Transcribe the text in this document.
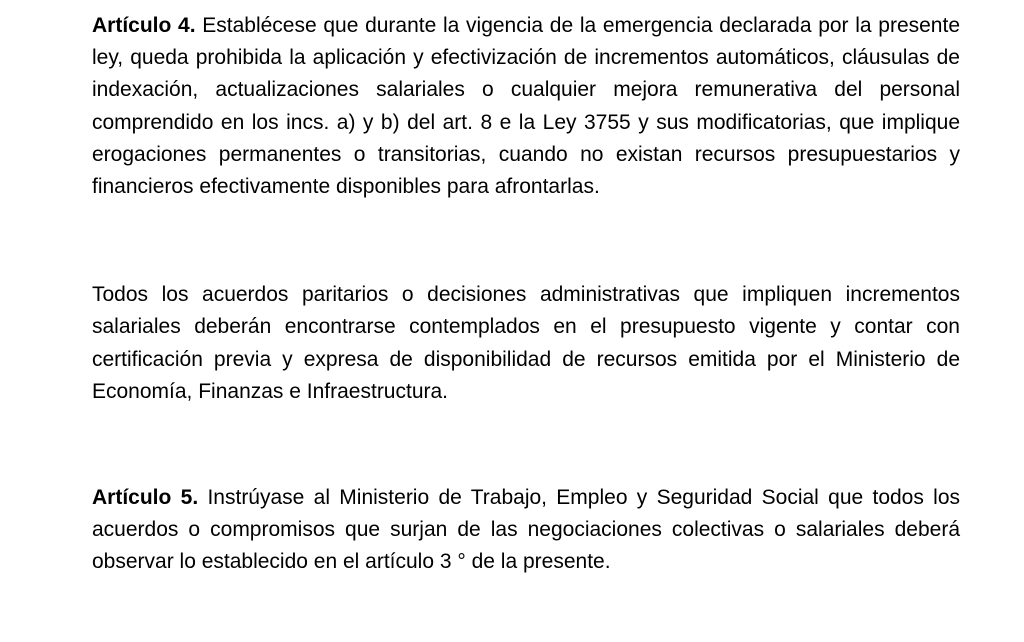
Artículo 4. Establécese que durante la vigencia de la emergencia declarada por la presente ley, queda prohibida la aplicación y efectivización de incrementos automáticos, cláusulas de indexación, actualizaciones salariales o cualquier mejora remunerativa del personal comprendido en los incs. a) y b) del art. 8 e la Ley 3755 y sus modificatorias, que implique erogaciones permanentes o transitorias, cuando no existan recursos presupuestarios y financieros efectivamente disponibles para afrontarlas.

Todos los acuerdos paritarios o decisiones administrativas que impliquen incrementos salariales deberán encontrarse contemplados en el presupuesto vigente y contar con certificación previa y expresa de disponibilidad de recursos emitida por el Ministerio de Economía, Finanzas e Infraestructura.

Artículo 5. Instrúyase al Ministerio de Trabajo, Empleo y Seguridad Social que todos los acuerdos o compromisos que surjan de las negociaciones colectivas o salariales deberá observar lo establecido en el artículo 3 ° de la presente.
